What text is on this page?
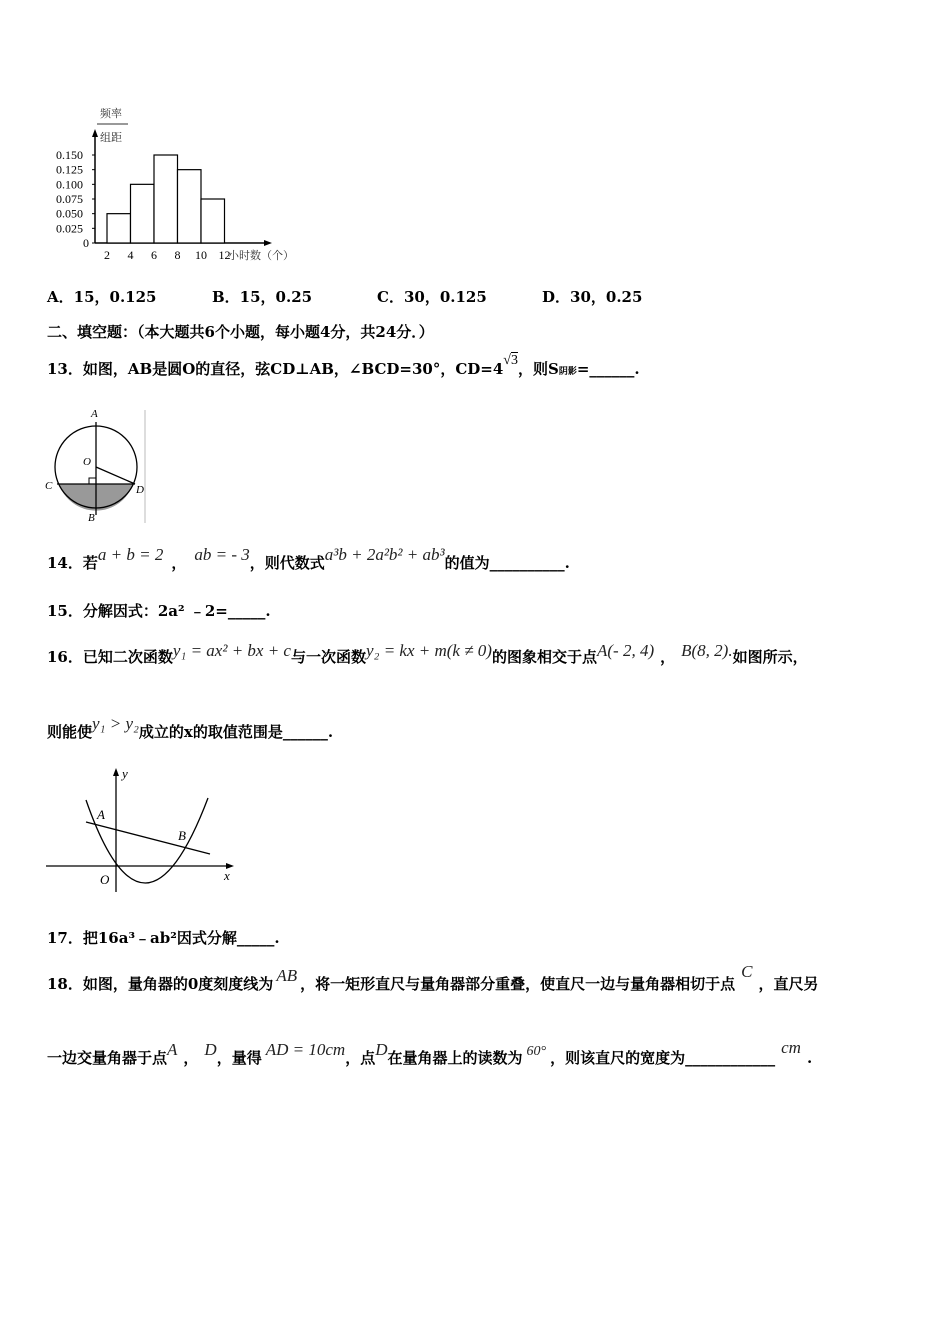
频率
组距
0.150
0.125
0.100
0.075
0.050
0.025
0
2 4 6 8 10 12
小时数（个）
A．15，0.125	B．15，0.25	C．30，0.125	D．30，0.25
二、填空题：（本大题共6个小题，每小题4分，共24分．）
13．如图，AB是圆O的直径，弦CD⊥AB，∠BCD=30°，CD=4√3，则S阴影=______.
A
O
C	D
B
14．若a + b = 2 ， ab = - 3，则代数式a³b + 2a²b² + ab³的值为__________.
15．分解因式：2a² ﹣2=_____.
16．已知二次函数y₁ = ax² + bx + c与一次函数y₂ = kx + m(k ≠ 0)的图象相交于点A(- 2, 4) ， B(8, 2).如图所示，
则能使y₁ > y₂成立的x的取值范围是______.
y
A
B
O	x
17．把16a³﹣ab²因式分解_____.
18．如图，量角器的0度刻度线为 AB ，将一矩形直尺与量角器部分重叠，使直尺一边与量角器相切于点C，直尺另
一边交量角器于点A ， D，量得 AD = 10cm，点D在量角器上的读数为 60° ，则该直尺的宽度为____________cm.
